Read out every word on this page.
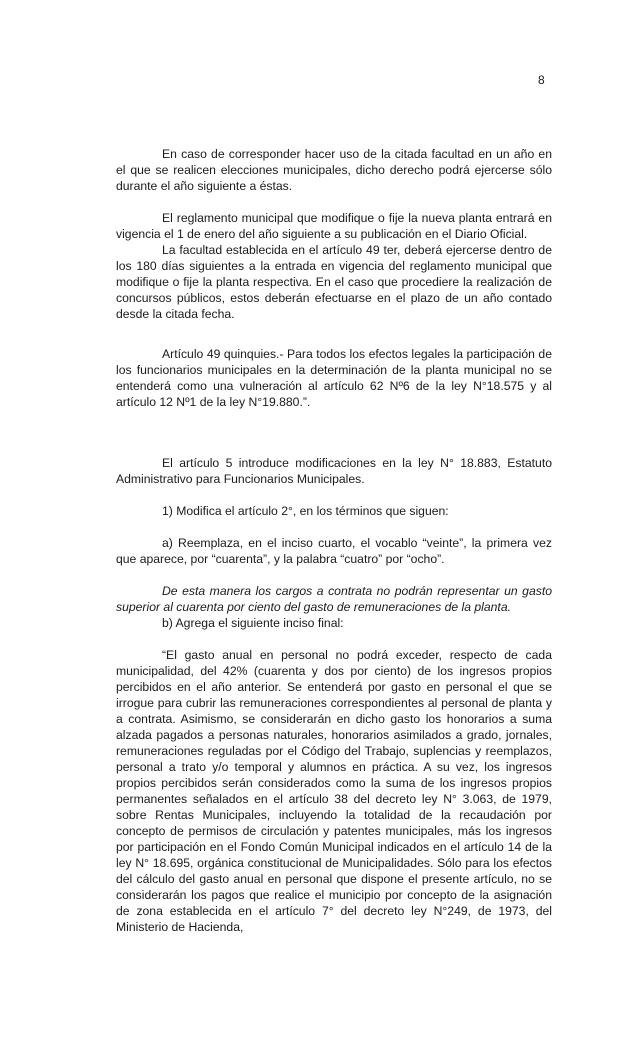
8

En caso de corresponder hacer uso de la citada facultad en un año en el que se realicen elecciones municipales, dicho derecho podrá ejercerse sólo durante el año siguiente a éstas.

El reglamento municipal que modifique o fije la nueva planta entrará en vigencia el 1 de enero del año siguiente a su publicación en el Diario Oficial.

La facultad establecida en el artículo 49 ter, deberá ejercerse dentro de los 180 días siguientes a la entrada en vigencia del reglamento municipal que modifique o fije la planta respectiva. En el caso que procediere la realización de concursos públicos, estos deberán efectuarse en el plazo de un año contado desde la citada fecha.

Artículo 49 quinquies.- Para todos los efectos legales la participación de los funcionarios municipales en la determinación de la planta municipal no se entenderá como una vulneración al artículo 62 Nº6 de la ley N°18.575 y al artículo 12 Nº1 de la ley N°19.880.”.

El artículo 5 introduce modificaciones en la ley N° 18.883, Estatuto Administrativo para Funcionarios Municipales.

1) Modifica el artículo 2°, en los términos que siguen:

a) Reemplaza, en el inciso cuarto, el vocablo “veinte”, la primera vez que aparece, por “cuarenta”, y la palabra “cuatro” por “ocho”.

De esta manera los cargos a contrata no podrán representar un gasto superior al cuarenta por ciento del gasto de remuneraciones de la planta.

b) Agrega el siguiente inciso final:

“El gasto anual en personal no podrá exceder, respecto de cada municipalidad, del 42% (cuarenta y dos por ciento) de los ingresos propios percibidos en el año anterior. Se entenderá por gasto en personal el que se irrogue para cubrir las remuneraciones correspondientes al personal de planta y a contrata. Asimismo, se considerarán en dicho gasto los honorarios a suma alzada pagados a personas naturales, honorarios asimilados a grado, jornales, remuneraciones reguladas por el Código del Trabajo, suplencias y reemplazos, personal a trato y/o temporal y alumnos en práctica. A su vez, los ingresos propios percibidos serán considerados como la suma de los ingresos propios permanentes señalados en el artículo 38 del decreto ley N° 3.063, de 1979, sobre Rentas Municipales, incluyendo la totalidad de la recaudación por concepto de permisos de circulación y patentes municipales, más los ingresos por participación en el Fondo Común Municipal indicados en el artículo 14 de la ley N° 18.695, orgánica constitucional de Municipalidades. Sólo para los efectos del cálculo del gasto anual en personal que dispone el presente artículo, no se considerarán los pagos que realice el municipio por concepto de la asignación de zona establecida en el artículo 7° del decreto ley N°249, de 1973, del Ministerio de Hacienda,
